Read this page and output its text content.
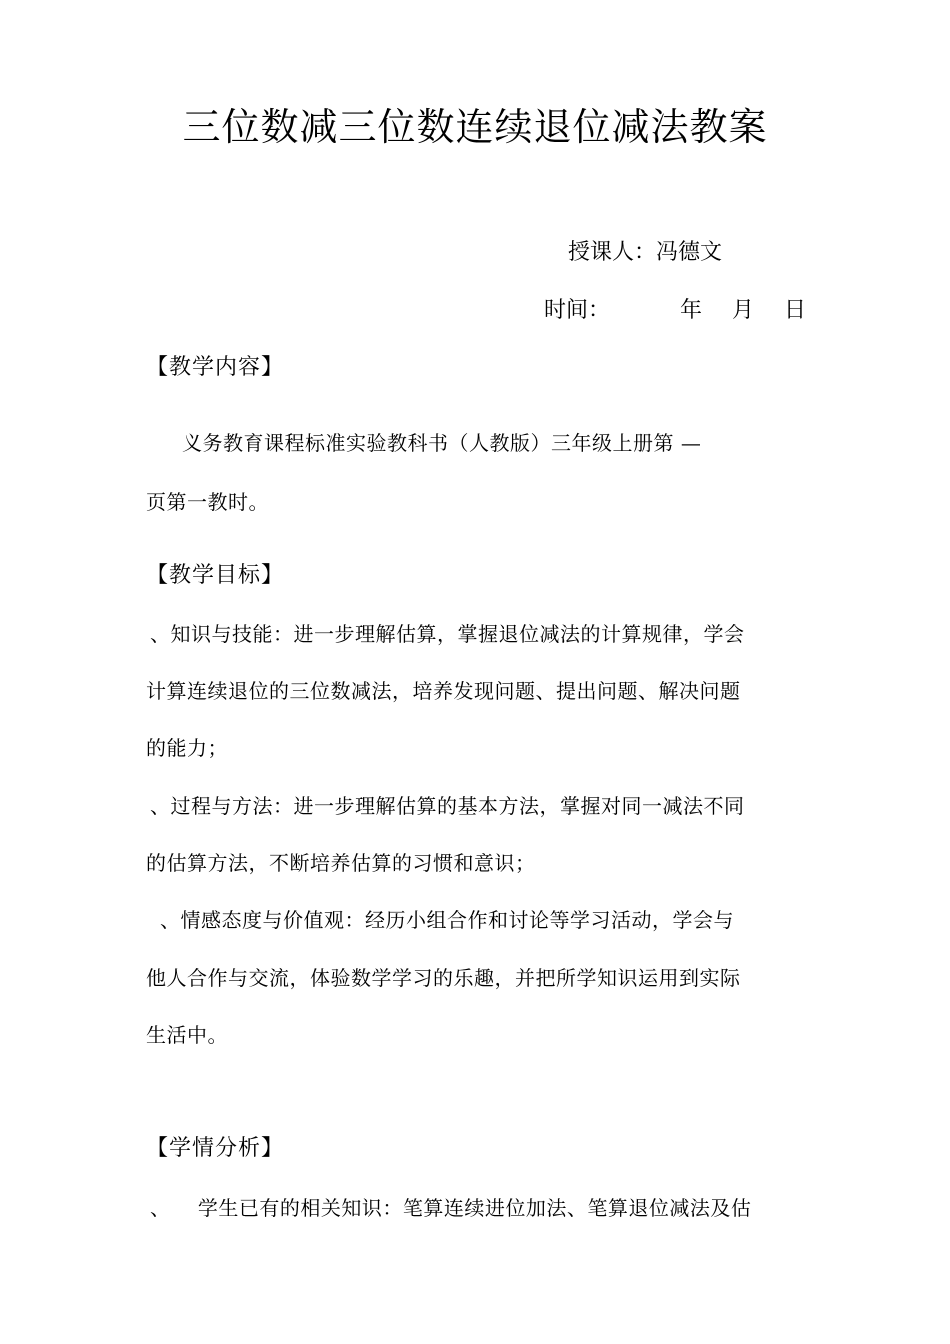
三位数减三位数连续退位减法教案
授课人：冯德文
时间：	年 月 日
【教学内容】
义务教育课程标准实验教科书（人教版）三年级上册第 —
页第一教时。
【教学目标】
、知识与技能：进一步理解估算，掌握退位减法的计算规律，学会
计算连续退位的三位数减法，培养发现问题、提出问题、解决问题
的能力；
、过程与方法：进一步理解估算的基本方法，掌握对同一减法不同
的估算方法，不断培养估算的习惯和意识；
、情感态度与价值观：经历小组合作和讨论等学习活动，学会与
他人合作与交流，体验数学学习的乐趣，并把所学知识运用到实际
生活中。
【学情分析】
、    学生已有的相关知识：笔算连续进位加法、笔算退位减法及估
